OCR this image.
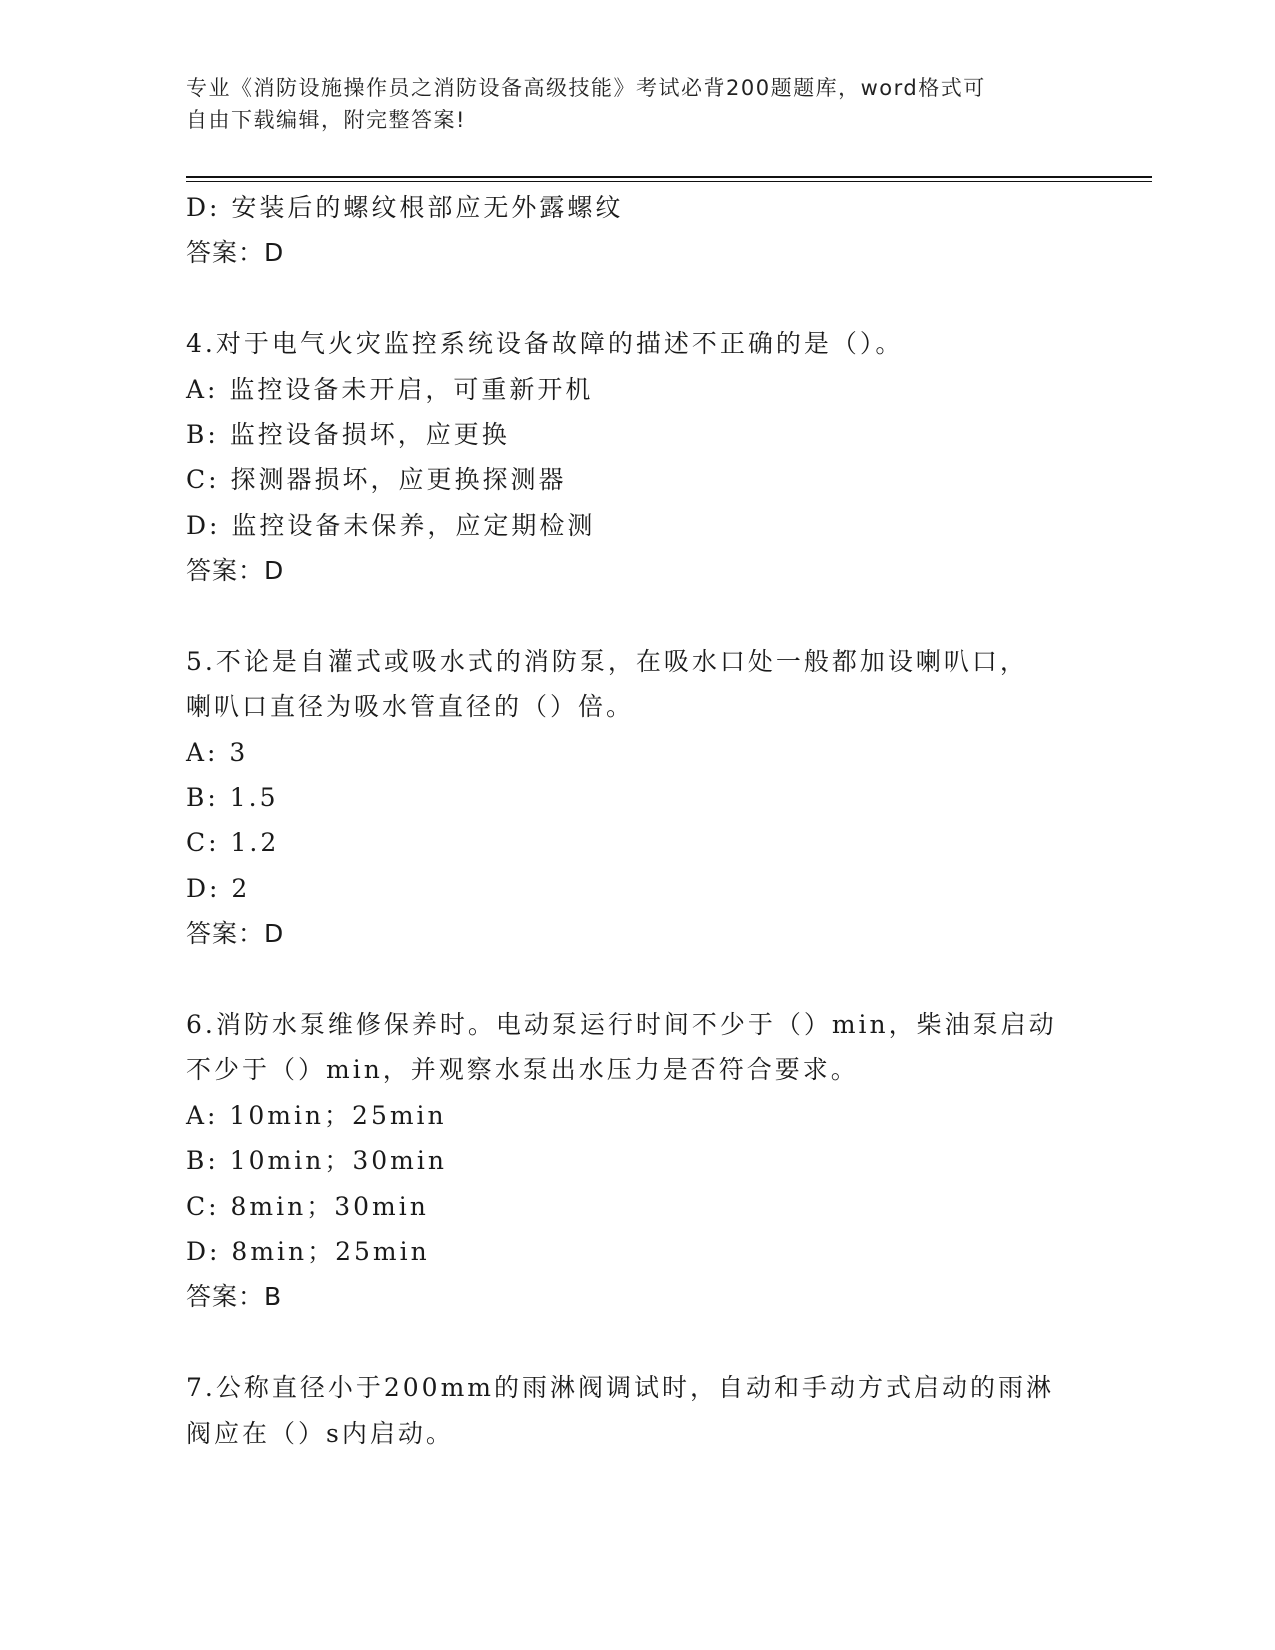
专业《消防设施操作员之消防设备高级技能》考试必背200题题库，word格式可
自由下载编辑，附完整答案!
D: 安装后的螺纹根部应无外露螺纹
答案：D
4.对于电气火灾监控系统设备故障的描述不正确的是（）。
A: 监控设备未开启，可重新开机
B: 监控设备损坏，应更换
C: 探测器损坏，应更换探测器
D: 监控设备未保养，应定期检测
答案：D
5.不论是自灌式或吸水式的消防泵，在吸水口处一般都加设喇叭口，
喇叭口直径为吸水管直径的（）倍。
A: 3
B: 1.5
C: 1.2
D: 2
答案：D
6.消防水泵维修保养时。电动泵运行时间不少于（）min，柴油泵启动
不少于（）min，并观察水泵出水压力是否符合要求。
A: 10min；25min
B: 10min；30min
C: 8min；30min
D: 8min；25min
答案：B
7.公称直径小于200mm的雨淋阀调试时，自动和手动方式启动的雨淋
阀应在（）s内启动。
